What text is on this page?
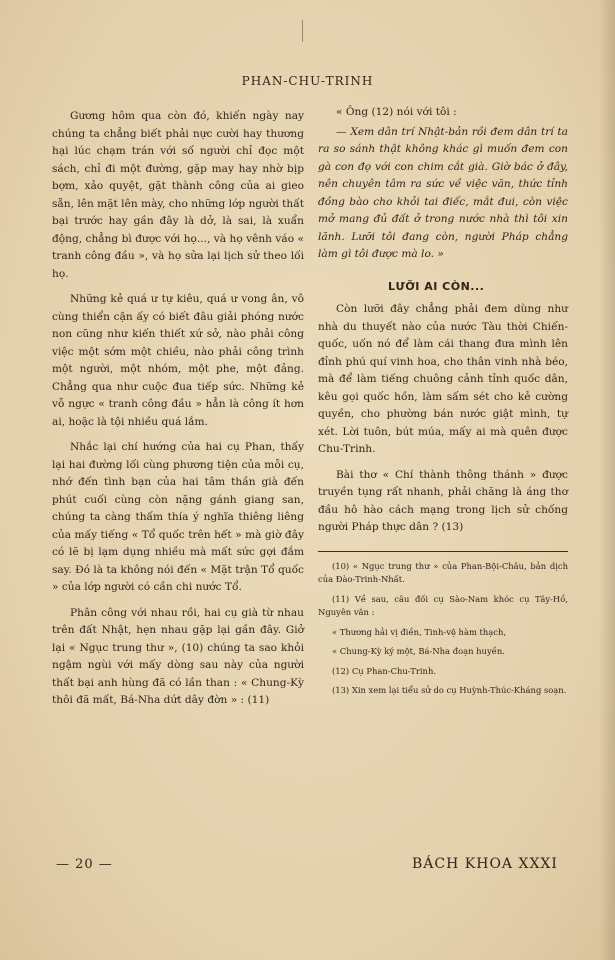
PHAN-CHU-TRINH

Gương hôm qua còn đó, khiến ngày nay chúng ta chẳng biết phải nực cười hay thương hại lúc chạm trán với số người chỉ đọc một sách, chỉ đi một đường, gặp may hay nhờ bịp bợm, xảo quyệt, gặt thành công của ai gieo sẵn, lên mặt lên mày, cho những lớp người thất bại trước hay gần đây là dở, là sai, là xuẩn động, chẳng bì được với họ..., và họ vênh váo « tranh công đầu », và họ sửa lại lịch sử theo lối họ.

Những kẻ quá ư tự kiêu, quá ư vong ân, vô cùng thiển cận ấy có biết đâu giải phóng nước non cũng như kiến thiết xứ sở, nào phải công việc một sớm một chiều, nào phải công trình một người, một nhóm, một phe, một đảng. Chẳng qua như cuộc đua tiếp sức. Những kẻ vỗ ngực « tranh công đầu » hẳn là công ít hơn ai, hoặc là tội nhiều quá lắm.

Nhắc lại chí hướng của hai cụ Phan, thấy lại hai đường lối cùng phương tiện của mỗi cụ, nhớ đến tình bạn của hai tâm thần già đến phút cuối cùng còn nặng gánh giang san, chúng ta càng thấm thía ý nghĩa thiêng liêng của mấy tiếng « Tổ quốc trên hết » mà giờ đây có lẽ bị lạm dụng nhiều mà mất sức gợi đắm say. Đó là ta không nói đến « Mặt trận Tổ quốc » của lớp người có cần chi nước Tổ.

Phân công với nhau rồi, hai cụ già từ nhau trên đất Nhật, hẹn nhau gặp lại gần đây. Giở lại « Ngục trung thư », (10) chúng ta sao khỏi ngậm ngùi với mấy dòng sau này của người thất bại anh hùng đã có lần than : « Chung-Kỳ thôi đã mất, Bá-Nha dứt dây đờn » : (11)

« Ông (12) nói với tôi :

— Xem dân trí Nhật-bản rồi đem dân trí ta ra so sánh thật không khác gì muốn đem con gà con đọ với con chim cắt già. Giờ bác ở đây, nên chuyên tâm ra sức về việc văn, thức tỉnh đồng bào cho khỏi tai điếc, mắt đui, còn việc mở mang đủ đất ở trong nước nhà thì tôi xin lãnh. Lưỡi tôi đang còn, người Pháp chẳng làm gì tôi được mà lo. »

LƯỠI AI CÒN...

Còn lưỡi đây chẳng phải đem dùng như nhà du thuyết nào của nước Tàu thời Chiến-quốc, uốn nó để làm cái thang đưa mình lên đỉnh phú quí vinh hoa, cho thân vinh nhà béo, mà để làm tiếng chuông cảnh tỉnh quốc dân, kêu gọi quốc hồn, làm sấm sét cho kẻ cường quyền, cho phường bán nước giật mình, tự xét. Lời tuôn, bút múa, mấy ai mà quên được Chu-Trinh.

Bài thơ « Chí thành thông thánh » được truyền tụng rất nhanh, phải chăng là áng thơ đầu hô hào cách mạng trong lịch sử chống người Pháp thực dân ? (13)

(10) « Ngục trung thư » của Phan-Bội-Châu, bản dịch của Đào-Trinh-Nhất.

(11) Về sau, câu đối cụ Sào-Nam khóc cụ Tây-Hồ, Nguyên văn :

« Thương hải vị điền, Tinh-vệ hàm thạch,

« Chung-Kỳ ký một, Bá-Nha đoạn huyền.

(12) Cụ Phan-Chu-Trinh.

(13) Xin xem lại tiểu sử do cụ Huỳnh-Thúc-Kháng soạn.

— 20 —	BÁCH KHOA XXXI
